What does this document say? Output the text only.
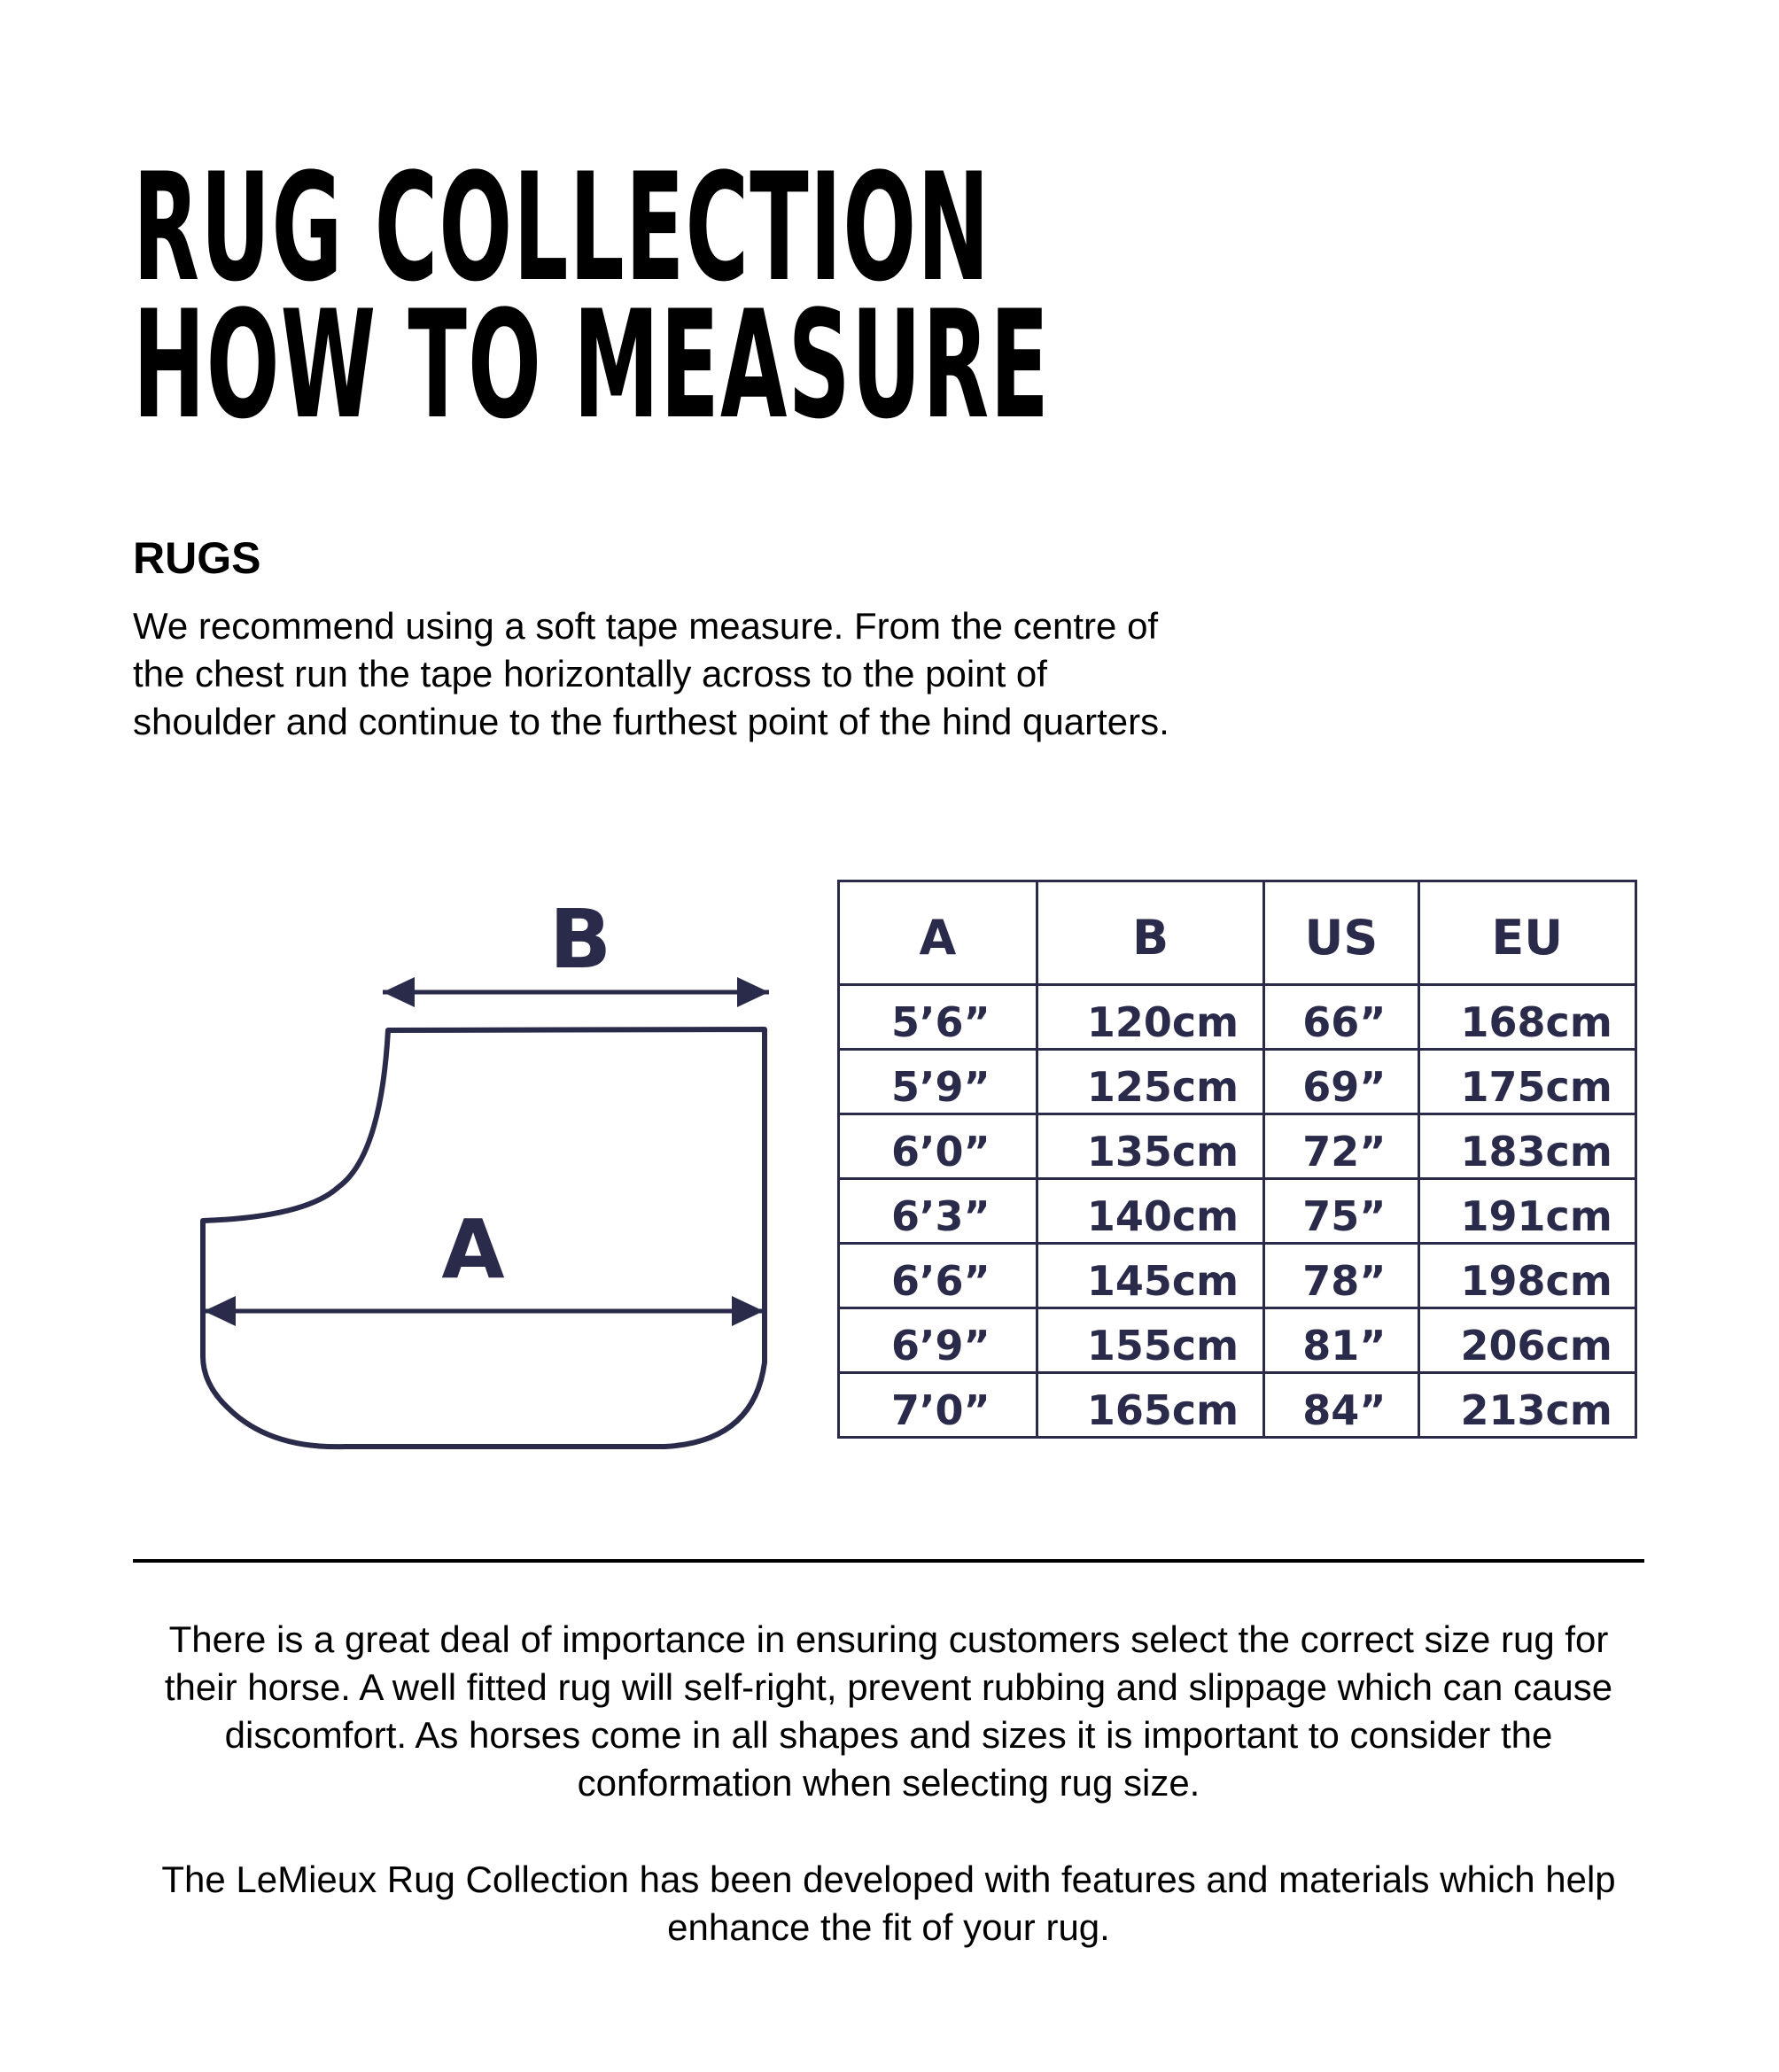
RUG COLLECTION
HOW TO MEASURE
RUGS

We recommend using a soft tape measure. From the centre of the chest run the tape horizontally across to the point of shoulder and continue to the furthest point of the hind quarters.

B
A
A	B	US	EU
5’6”	120cm	66”	168cm
5’9”	125cm	69”	175cm
6’0”	135cm	72”	183cm
6’3”	140cm	75”	191cm
6’6”	145cm	78”	198cm
6’9”	155cm	81”	206cm
7’0”	165cm	84”	213cm

There is a great deal of importance in ensuring customers select the correct size rug for their horse. A well fitted rug will self-right, prevent rubbing and slippage which can cause discomfort. As horses come in all shapes and sizes it is important to consider the conformation when selecting rug size.

The LeMieux Rug Collection has been developed with features and materials which help enhance the fit of your rug.
